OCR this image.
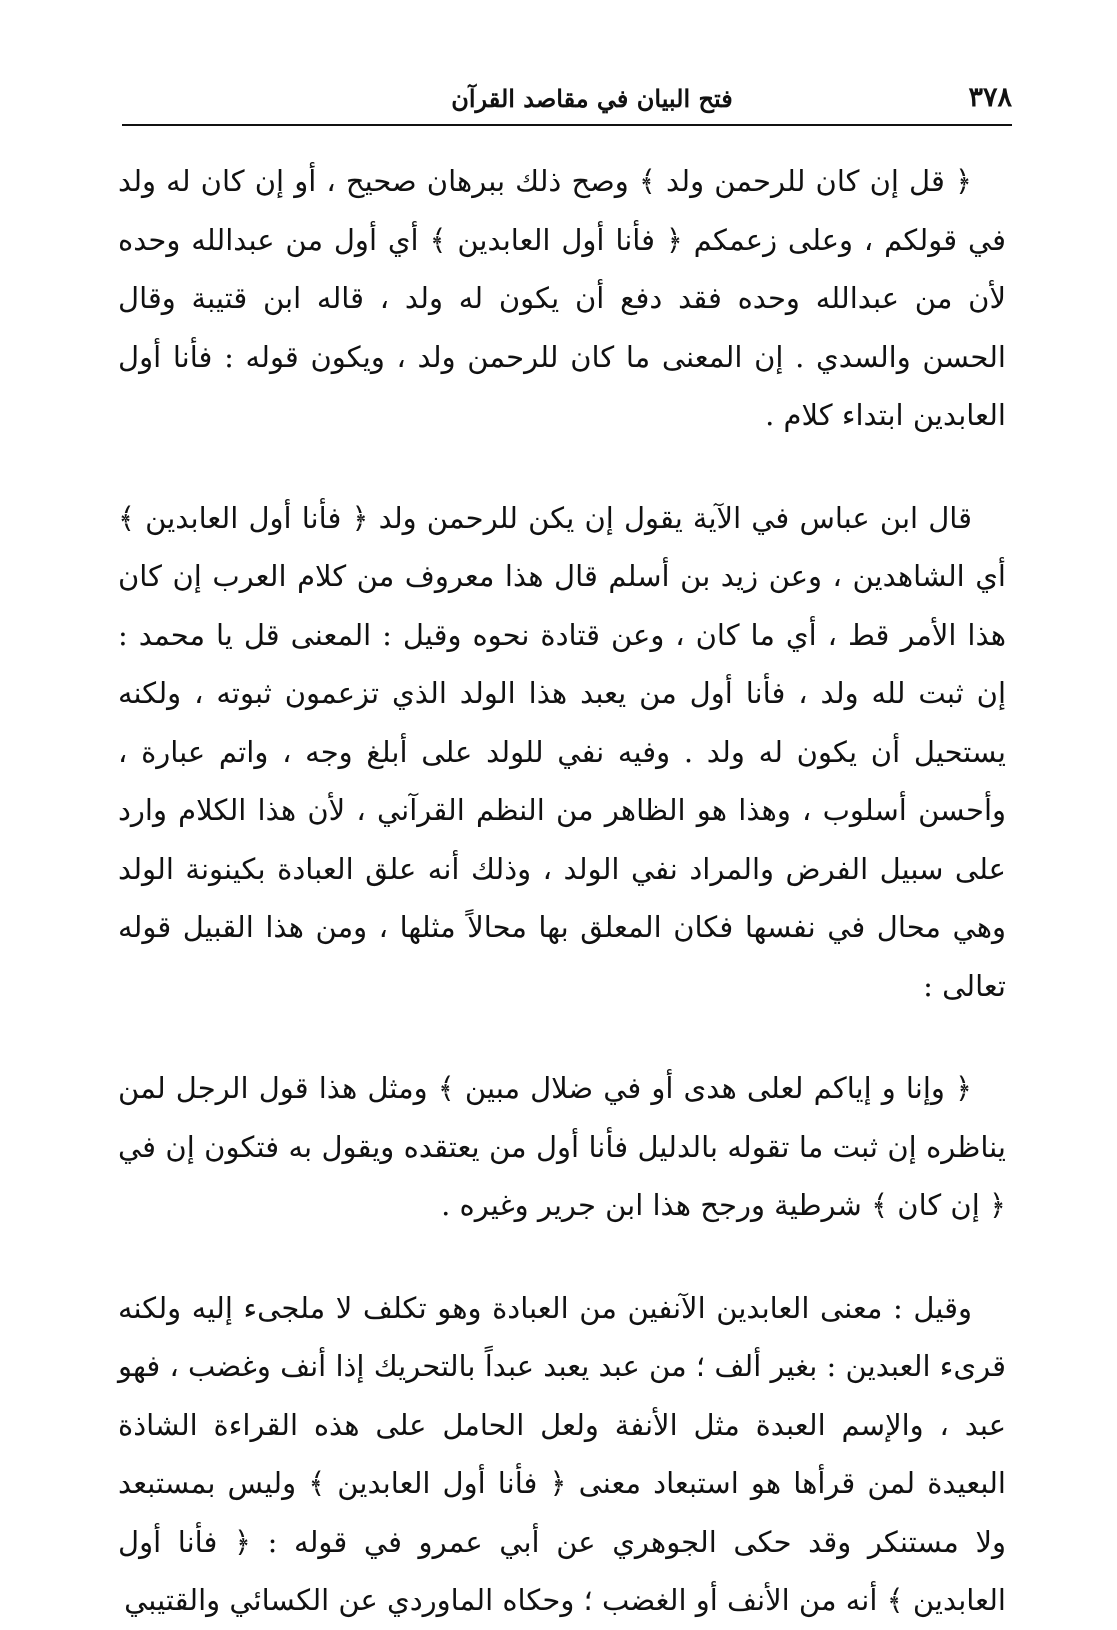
٣٧٨
فتح البيان في مقاصد القرآن

﴿ قل إن كان للرحمن ولد ﴾ وصح ذلك ببرهان صحيح ، أو إن كان له ولد في قولكم ، وعلى زعمكم ﴿ فأنا أول العابدين ﴾ أي أول من عبدالله وحده لأن من عبدالله وحده فقد دفع أن يكون له ولد ، قاله ابن قتيبة وقال الحسن والسدي . إن المعنى ما كان للرحمن ولد ، ويكون قوله : فأنا أول العابدين ابتداء كلام .

قال ابن عباس في الآية يقول إن يكن للرحمن ولد ﴿ فأنا أول العابدين ﴾ أي الشاهدين ، وعن زيد بن أسلم قال هذا معروف من كلام العرب إن كان هذا الأمر قط ، أي ما كان ، وعن قتادة نحوه وقيل : المعنى قل يا محمد : إن ثبت لله ولد ، فأنا أول من يعبد هذا الولد الذي تزعمون ثبوته ، ولكنه يستحيل أن يكون له ولد . وفيه نفي للولد على أبلغ وجه ، واتم عبارة ، وأحسن أسلوب ، وهذا هو الظاهر من النظم القرآني ، لأن هذا الكلام وارد على سبيل الفرض والمراد نفي الولد ، وذلك أنه علق العبادة بكينونة الولد وهي محال في نفسها فكان المعلق بها محالاً مثلها ، ومن هذا القبيل قوله تعالى :

﴿ وإنا و إياكم لعلى هدى أو في ضلال مبين ﴾ ومثل هذا قول الرجل لمن يناظره إن ثبت ما تقوله بالدليل فأنا أول من يعتقده ويقول به فتكون إن في ﴿ إن كان ﴾ شرطية ورجح هذا ابن جرير وغيره .

وقيل : معنى العابدين الآنفين من العبادة وهو تكلف لا ملجىء إليه ولكنه قرىء العبدين : بغير ألف ؛ من عبد يعبد عبداً بالتحريك إذا أنف وغضب ، فهو عبد ، والإسم العبدة مثل الأنفة ولعل الحامل على هذه القراءة الشاذة البعيدة لمن قرأها هو استبعاد معنى ﴿ فأنا أول العابدين ﴾ وليس بمستبعد ولا مستنكر وقد حكى الجوهري عن أبي عمرو في قوله : ﴿ فأنا أول العابدين ﴾ أنه من الأنف أو الغضب ؛ وحكاه الماوردي عن الكسائي والقتيبي
